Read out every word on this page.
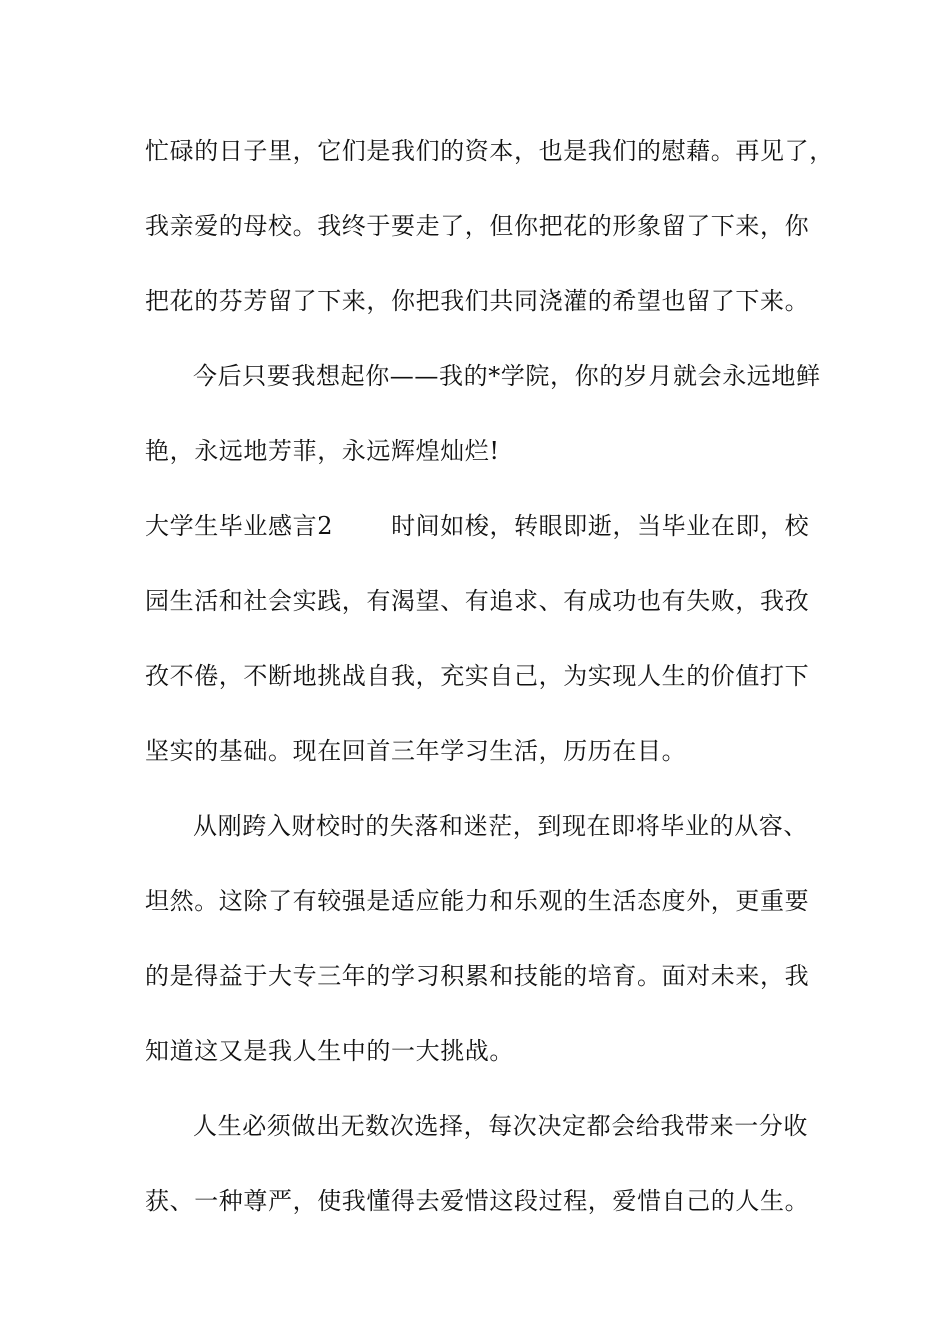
忙碌的日子里，它们是我们的资本，也是我们的慰藉。再见了，
我亲爱的母校。我终于要走了，但你把花的形象留了下来，你
把花的芬芳留了下来，你把我们共同浇灌的希望也留了下来。
今后只要我想起你——我的*学院，你的岁月就会永远地鲜
艳，永远地芳菲，永远辉煌灿烂!
大学生毕业感言2 时间如梭，转眼即逝，当毕业在即，校
园生活和社会实践，有渴望、有追求、有成功也有失败，我孜
孜不倦，不断地挑战自我，充实自己，为实现人生的价值打下
坚实的基础。现在回首三年学习生活，历历在目。
从刚跨入财校时的失落和迷茫，到现在即将毕业的从容、
坦然。这除了有较强是适应能力和乐观的生活态度外，更重要
的是得益于大专三年的学习积累和技能的培育。面对未来，我
知道这又是我人生中的一大挑战。
人生必须做出无数次选择，每次决定都会给我带来一分收
获、一种尊严，使我懂得去爱惜这段过程，爱惜自己的人生。
